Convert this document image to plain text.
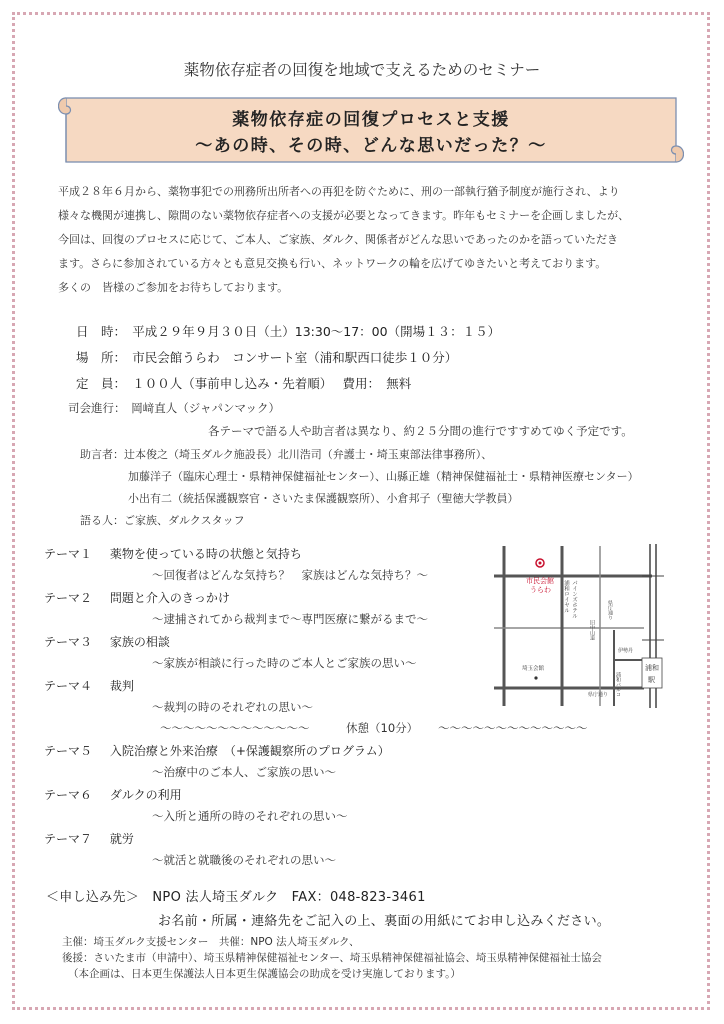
薬物依存症者の回復を地域で支えるためのセミナー
薬物依存症の回復プロセスと支援
～あの時、その時、どんな思いだった？～

平成２８年６月から、薬物事犯での刑務所出所者への再犯を防ぐために、刑の一部執行猶予制度が施行され、より

様々な機関が連携し、隙間のない薬物依存症者への支援が必要となってきます。昨年もセミナーを企画しましたが、

今回は、回復のプロセスに応じて、ご本人、ご家族、ダルク、関係者がどんな思いであったのかを語っていただき

ます。さらに参加されている方々とも意見交換も行い、ネットワークの輪を広げてゆきたいと考えております。

多くの　皆様のご参加をお待ちしております。

日　時：　平成２９年９月３０日（土）13:30～17：00（開場１３：１５）
場　所：　市民会館うらわ　コンサート室（浦和駅西口徒歩１０分）
定　員：　１００人（事前申し込み・先着順）　 費用：　無料
司会進行：　岡﨑直人（ジャパンマック）
各テーマで語る人や助言者は異なり、約２５分間の進行ですすめてゆく予定です。
助言者：辻本俊之（埼玉ダルク施設長）北川浩司（弁護士・埼玉東部法律事務所）、
加藤洋子（臨床心理士・県精神保健福祉センター）、山縣正雄（精神保健福祉士・県精神医療センター）
小出有二（統括保護観察官・さいたま保護観察所）、小倉邦子（聖徳大学教員）
語る人：ご家族、ダルクスタッフ
テーマ１ 薬物を使っている時の状態と気持ち
～回復者はどんな気持ち？　家族はどんな気持ち？～
テーマ２ 問題と介入のきっかけ
～逮捕されてから裁判まで～専門医療に繋がるまで～
テーマ３ 家族の相談
～家族が相談に行った時のご本人とご家族の思い～
テーマ４ 裁判
～裁判の時のそれぞれの思い～
～～～～～～～～～～～～～	休憩（10分） ～～～～～～～～～～～～～
テーマ５ 入院治療と外来治療　（+保護観察所のプログラム）
～治療中のご本人、ご家族の思い～
テーマ６ ダルクの利用
～入所と通所の時のそれぞれの思い～
テーマ７ 就労
～就活と就職後のそれぞれの思い～
市民会館
うらわ 浦和ロイヤル パインズホテル	県庁通り
旧中山道
埼玉会館
伊勢丹
県庁通り 浦和パルコ
浦和
駅
＜申し込み先＞　NPO 法人埼玉ダルク　FAX：048-823-3461
お名前・所属・連絡先をご記入の上、裏面の用紙にてお申し込みください。
主催：埼玉ダルク支援センター　共催：NPO 法人埼玉ダルク、
後援：さいたま市（申請中）、埼玉県精神保健福祉センター、埼玉県精神保健福祉協会、埼玉県精神保健福祉士協会
（本企画は、日本更生保護法人日本更生保護協会の助成を受け実施しております。）
